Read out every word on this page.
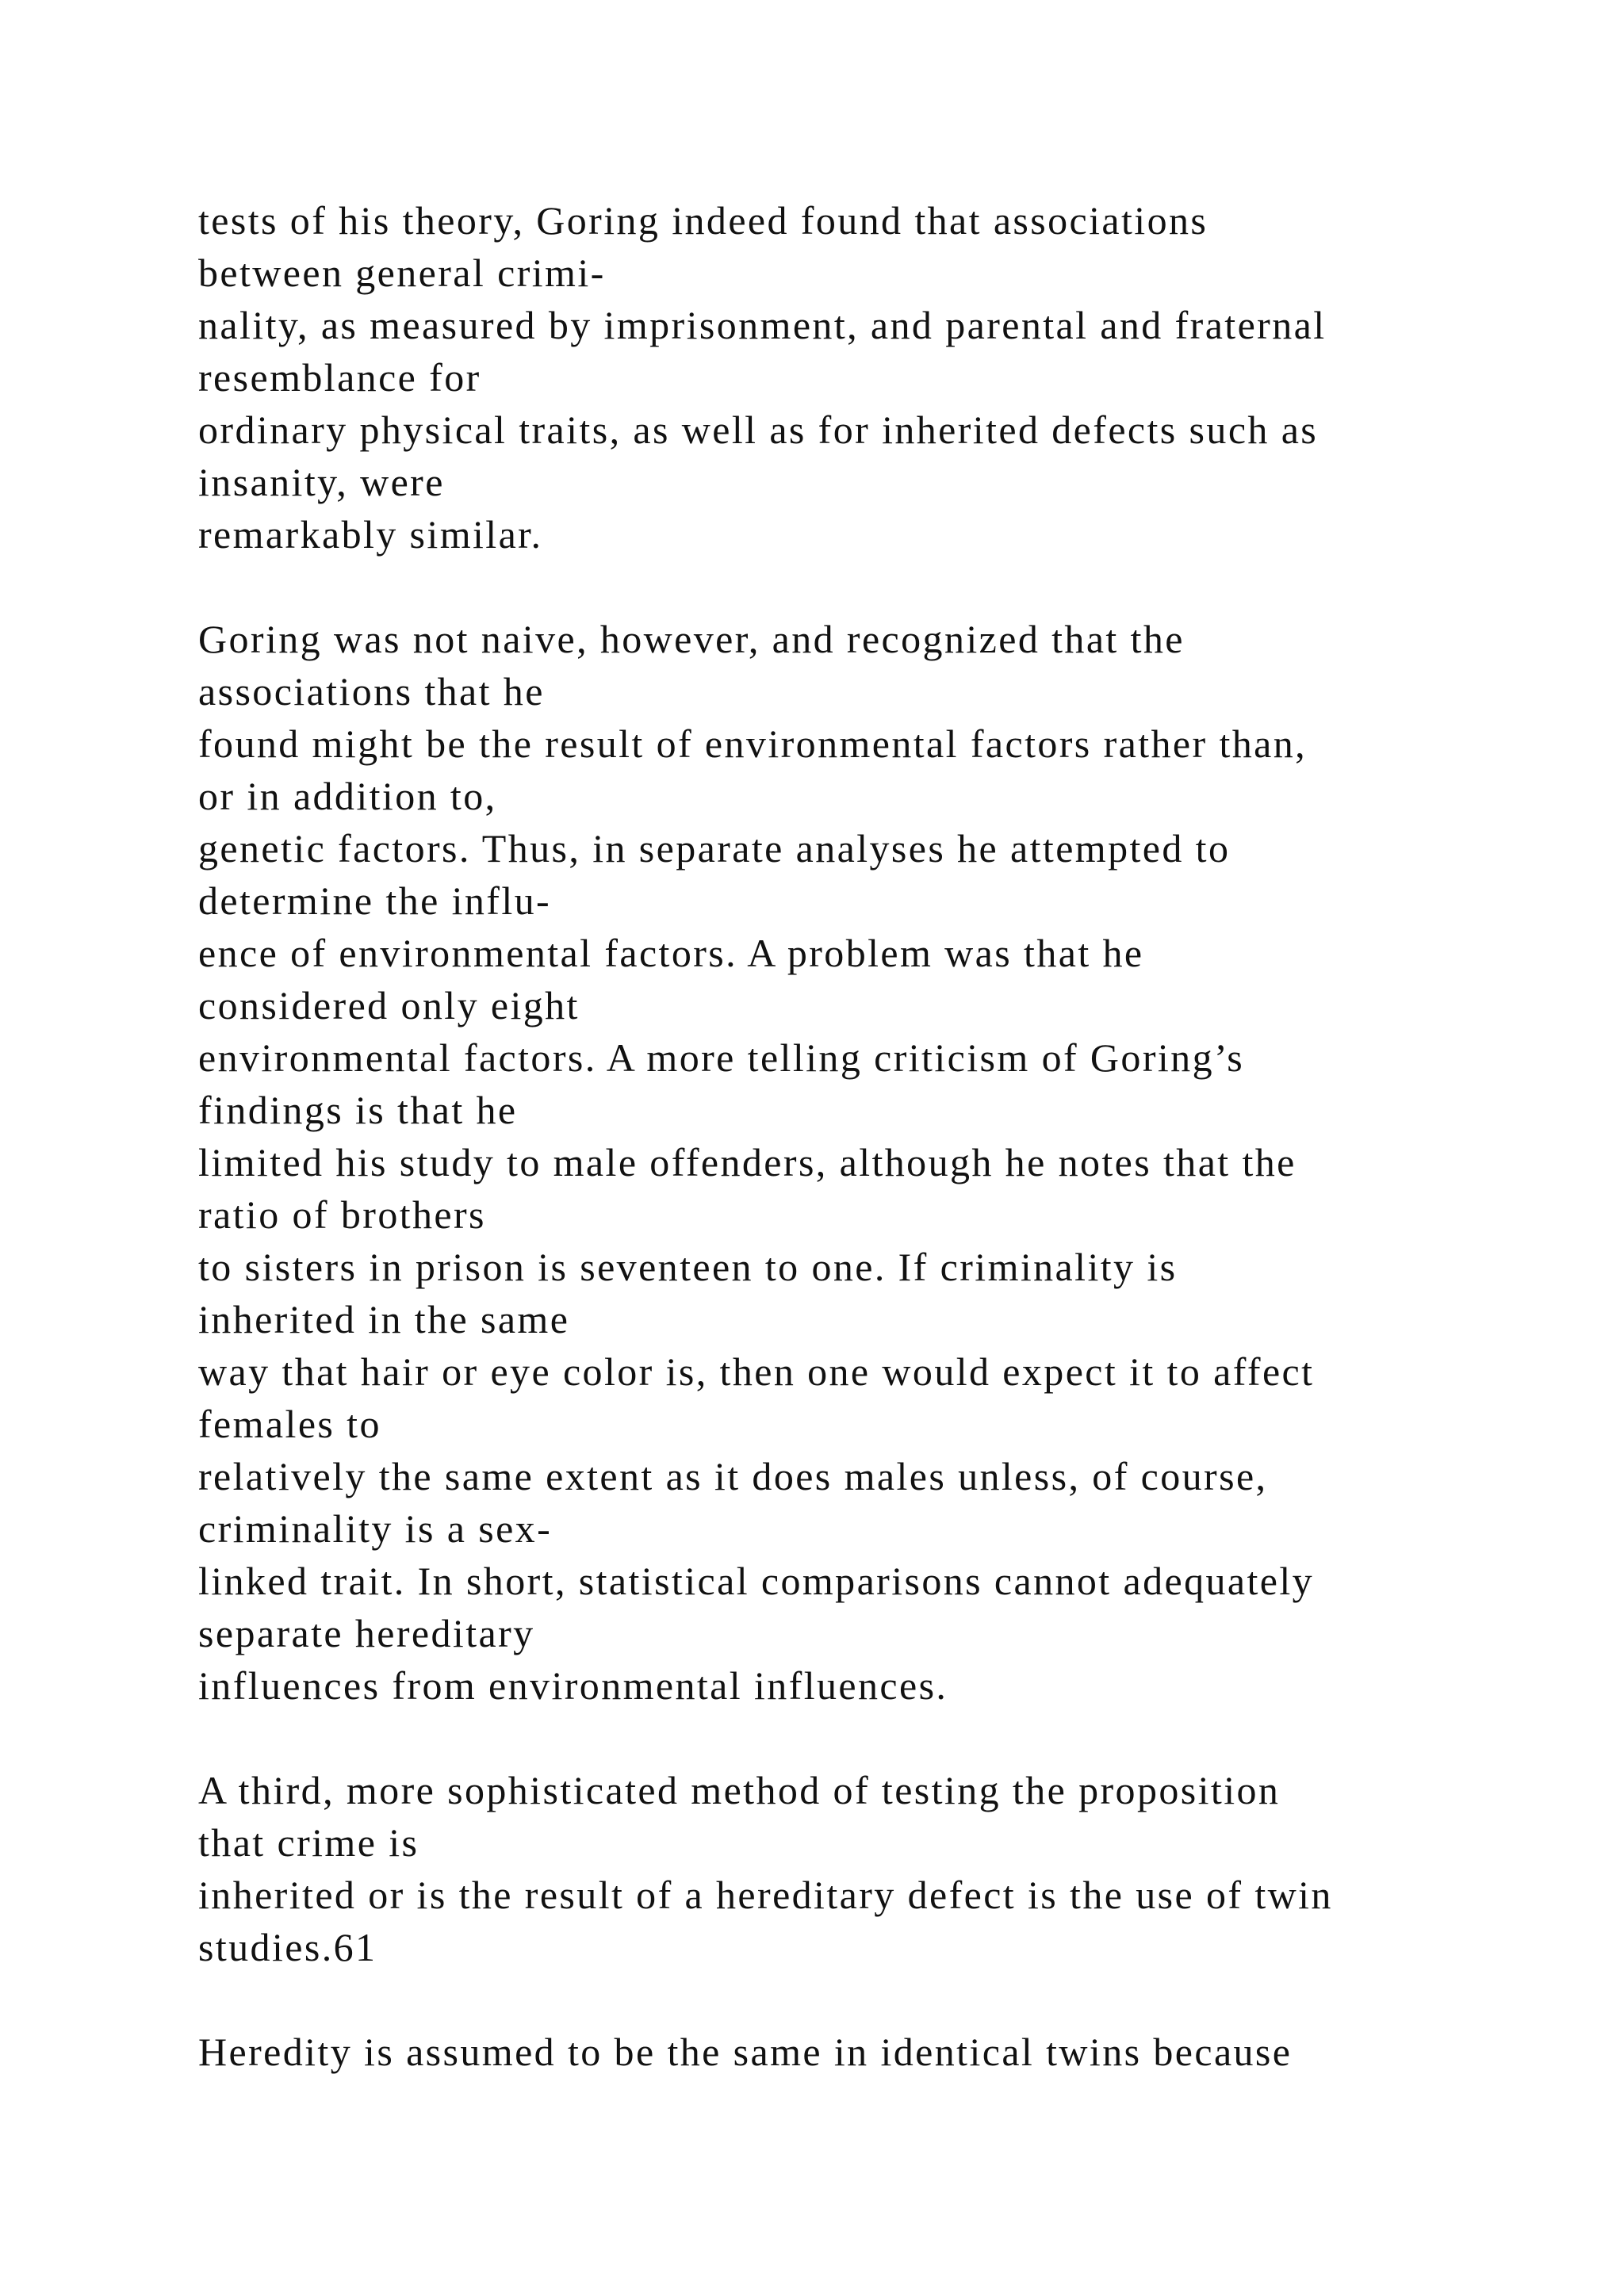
tests of his theory, Goring indeed found that associations
between general crimi-
nality, as measured by imprisonment, and parental and fraternal
resemblance for
ordinary physical traits, as well as for inherited defects such as
insanity, were
remarkably similar.
Goring was not naive, however, and recognized that the
associations that he
found might be the result of environmental factors rather than,
or in addition to,
genetic factors. Thus, in separate analyses he attempted to
determine the influ-
ence of environmental factors. A problem was that he
considered only eight
environmental factors. A more telling criticism of Goring’s
findings is that he
limited his study to male offenders, although he notes that the
ratio of brothers
to sisters in prison is seventeen to one. If criminality is
inherited in the same
way that hair or eye color is, then one would expect it to affect
females to
relatively the same extent as it does males unless, of course,
criminality is a sex-
linked trait. In short, statistical comparisons cannot adequately
separate hereditary
influences from environmental influences.
A third, more sophisticated method of testing the proposition
that crime is
inherited or is the result of a hereditary defect is the use of twin
studies.61
Heredity is assumed to be the same in identical twins because
